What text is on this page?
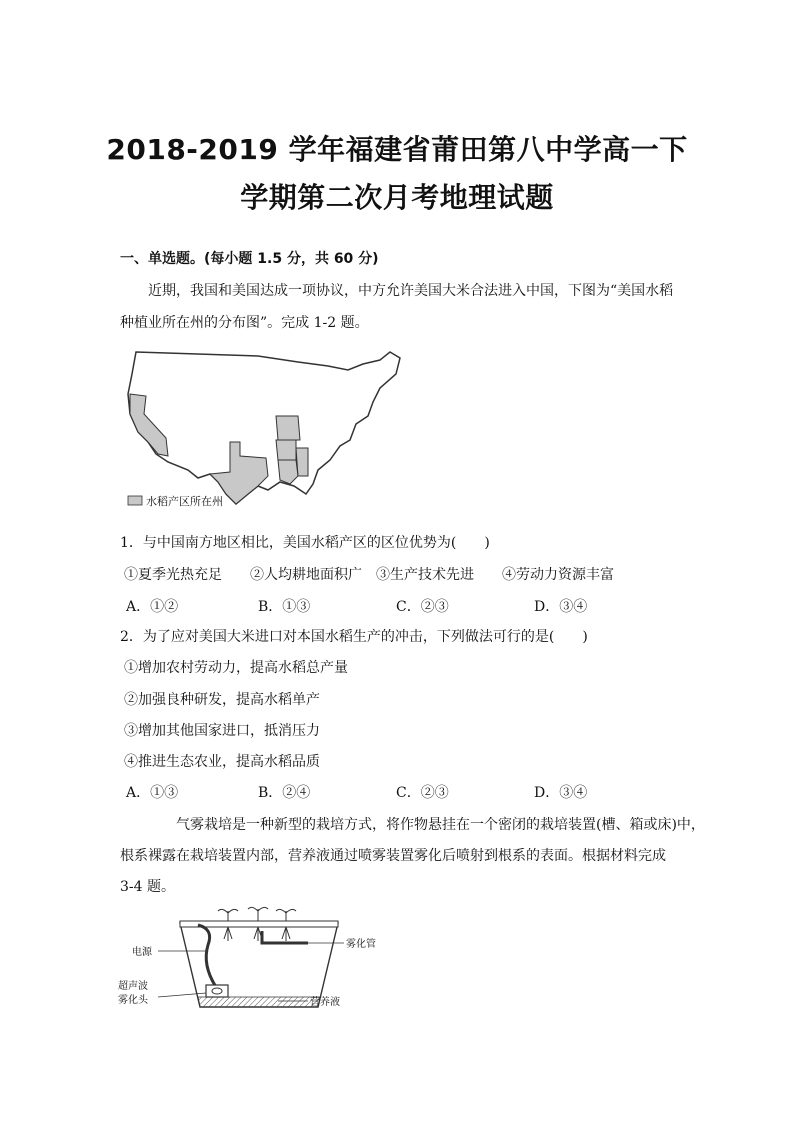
2018-2019 学年福建省莆田第八中学高一下
学期第二次月考地理试题
一、单选题。(每小题 1.5 分，共 60 分)
近期，我国和美国达成一项协议，中方允许美国大米合法进入中国，下图为“美国水稻
种植业所在州的分布图”。完成 1-2 题。
水稻产区所在州
1．与中国南方地区相比，美国水稻产区的区位优势为(　　)
①夏季光热充足　　②人均耕地面积广　③生产技术先进　　④劳动力资源丰富
A．①②	B．①③	C．②③	D．③④
2．为了应对美国大米进口对本国水稻生产的冲击，下列做法可行的是(　　)
①增加农村劳动力，提高水稻总产量
②加强良种研发，提高水稻单产
③增加其他国家进口，抵消压力
④推进生态农业，提高水稻品质
A．①③	B．②④	C．②③	D．③④
气雾栽培是一种新型的栽培方式，将作物悬挂在一个密闭的栽培装置(槽、箱或床)中，
根系裸露在栽培装置内部，营养液通过喷雾装置雾化后喷射到根系的表面。根据材料完成
3-4 题。
电源
雾化管
超声波
雾化头	营养液
